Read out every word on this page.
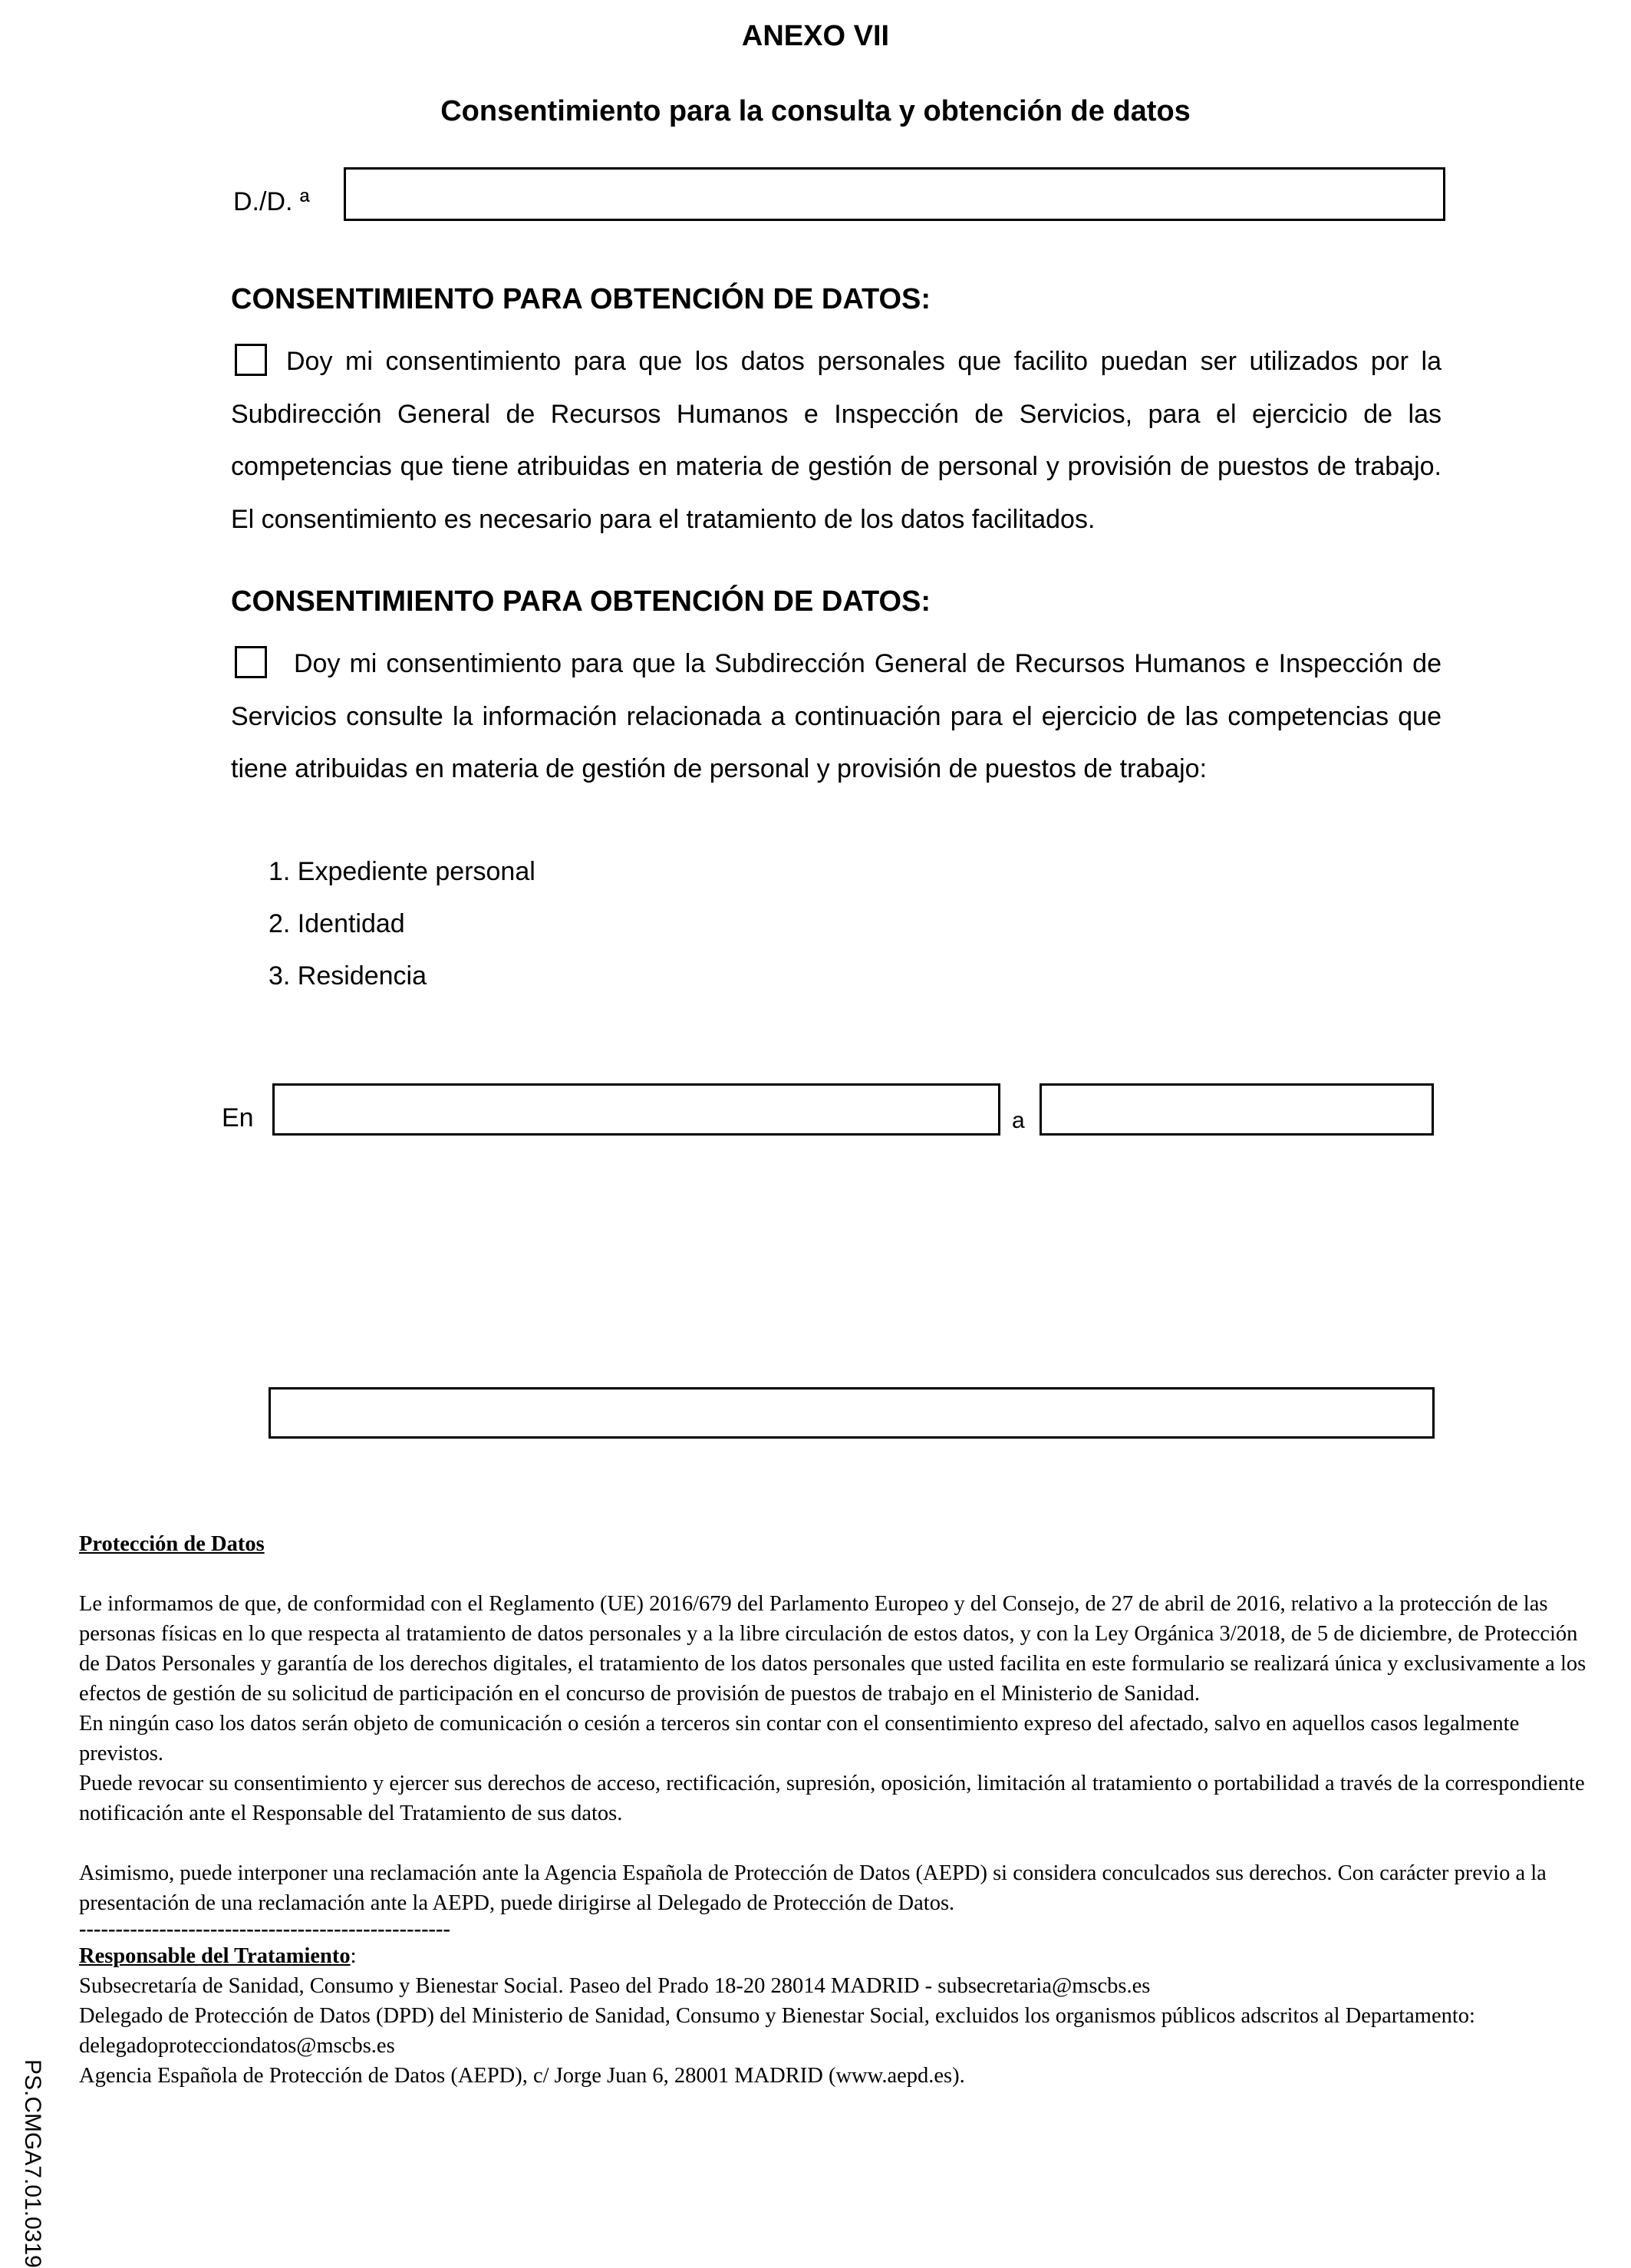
ANEXO VII
Consentimiento para la consulta y obtención de datos
D./D. ª
CONSENTIMIENTO PARA OBTENCIÓN DE DATOS:

Doy mi consentimiento para que los datos personales que facilito puedan ser utilizados por la Subdirección General de Recursos Humanos e Inspección de Servicios, para el ejercicio de las competencias que tiene atribuidas en materia de gestión de personal y provisión de puestos de trabajo. El consentimiento es necesario para el tratamiento de los datos facilitados.

CONSENTIMIENTO PARA OBTENCIÓN DE DATOS:

Doy mi consentimiento para que la Subdirección General de Recursos Humanos e Inspección de Servicios consulte la información relacionada a continuación para el ejercicio de las competencias que tiene atribuidas en materia de gestión de personal y provisión de puestos de trabajo:

1. Expediente personal
2. Identidad
3. Residencia
En	a

Protección de Datos

Le informamos de que, de conformidad con el Reglamento (UE) 2016/679 del Parlamento Europeo y del Consejo, de 27 de abril de 2016, relativo a la protección de las personas físicas en lo que respecta al tratamiento de datos personales y a la libre circulación de estos datos, y con la Ley Orgánica 3/2018, de 5 de diciembre, de Protección de Datos Personales y garantía de los derechos digitales, el tratamiento de los datos personales que usted facilita en este formulario se realizará única y exclusivamente a los efectos de gestión de su solicitud de participación en el concurso de provisión de puestos de trabajo en el Ministerio de Sanidad.

En ningún caso los datos serán objeto de comunicación o cesión a terceros sin contar con el consentimiento expreso del afectado, salvo en aquellos casos legalmente previstos.

Puede revocar su consentimiento y ejercer sus derechos de acceso, rectificación, supresión, oposición, limitación al tratamiento o portabilidad a través de la correspondiente notificación ante el Responsable del Tratamiento de sus datos.

Asimismo, puede interponer una reclamación ante la Agencia Española de Protección de Datos (AEPD) si considera conculcados sus derechos. Con carácter previo a la presentación de una reclamación ante la AEPD, puede dirigirse al Delegado de Protección de Datos.

---------------------------------------------------

Responsable del Tratamiento:

Subsecretaría de Sanidad, Consumo y Bienestar Social. Paseo del Prado 18-20 28014 MADRID - subsecretaria@mscbs.es

Delegado de Protección de Datos (DPD) del Ministerio de Sanidad, Consumo y Bienestar Social, excluidos los organismos públicos adscritos al Departamento: delegadoprotecciondatos@mscbs.es

Agencia Española de Protección de Datos (AEPD), c/ Jorge Juan 6, 28001 MADRID (www.aepd.es).

PS.CMGA7.01.0319
